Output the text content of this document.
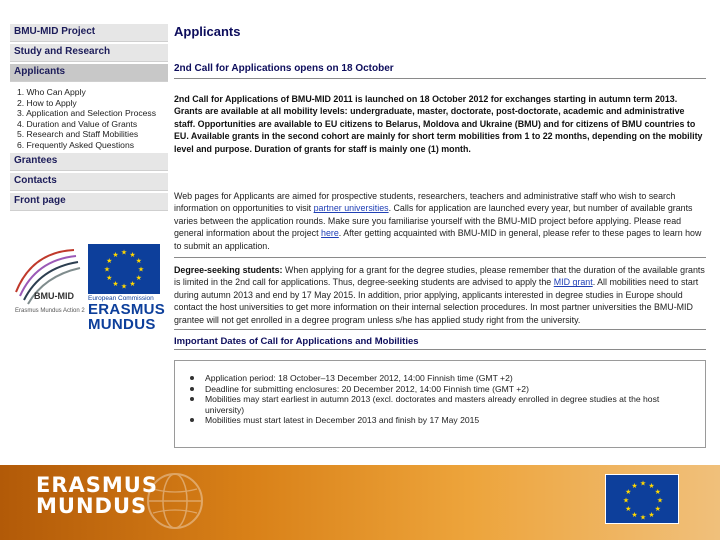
BMU-MID Project
Study and Research
Applicants
1. Who Can Apply
2. How to Apply
3. Application and Selection Process
4. Duration and Value of Grants
5. Research and Staff Mobilities
6. Frequently Asked Questions
Grantees
Contacts
Front page
BMU-MID
Erasmus Mundus Action 2
★ ★
★
★
★
★
★
★
★
★
★
★
European Commission
ERASMUS
MUNDUS
Applicants
2nd Call for Applications opens on 18 October
2nd Call for Applications of BMU-MID 2011 is launched on 18 October 2012 for exchanges starting in autumn term 2013. Grants are available at all mobility levels: undergraduate, master, doctorate, post-doctorate, academic and administrative staff. Opportunities are available to EU citizens to Belarus, Moldova and Ukraine (BMU) and for citizens of BMU countries to EU. Available grants in the second cohort are mainly for short term mobilities from 1 to 22 months, depending on the mobility level and purpose. Duration of grants for staff is mainly one (1) month.
Web pages for Applicants are aimed for prospective students, researchers, teachers and administrative staff who wish to search information on opportunities to visit partner universities. Calls for application are launched every year, but number of available grants varies between the application rounds. Make sure you familiarise yourself with the BMU-MID project before applying. Please read general information about the project here. After getting acquainted with BMU-MID in general, please refer to these pages to learn how to submit an application.
Degree-seeking students: When applying for a grant for the degree studies, please remember that the duration of the available grants is limited in the 2nd call for applications. Thus, degree-seeking students are advised to apply the MID grant. All mobilities need to start during autumn 2013 and end by 17 May 2015. In addition, prior applying, applicants interested in degree studies in Europe should contact the host universities to get more information on their internal selection procedures. In most partner universities the BMU-MID grantee will not get enrolled in a degree program unless s/he has applied study right from the university.
Important Dates of Call for Applications and Mobilities
Application period: 18 October–13 December 2012, 14:00 Finnish time (GMT +2)
Deadline for submitting enclosures: 20 December 2012, 14:00 Finnish time (GMT +2)
Mobilities may start earliest in autumn 2013 (excl. doctorates and masters already enrolled in degree studies at the host university)
Mobilities must start latest in December 2013 and finish by 17 May 2015
ERASMUS
MUNDUS
★ ★
★
★
★
★
★
★
★
★
★
★
